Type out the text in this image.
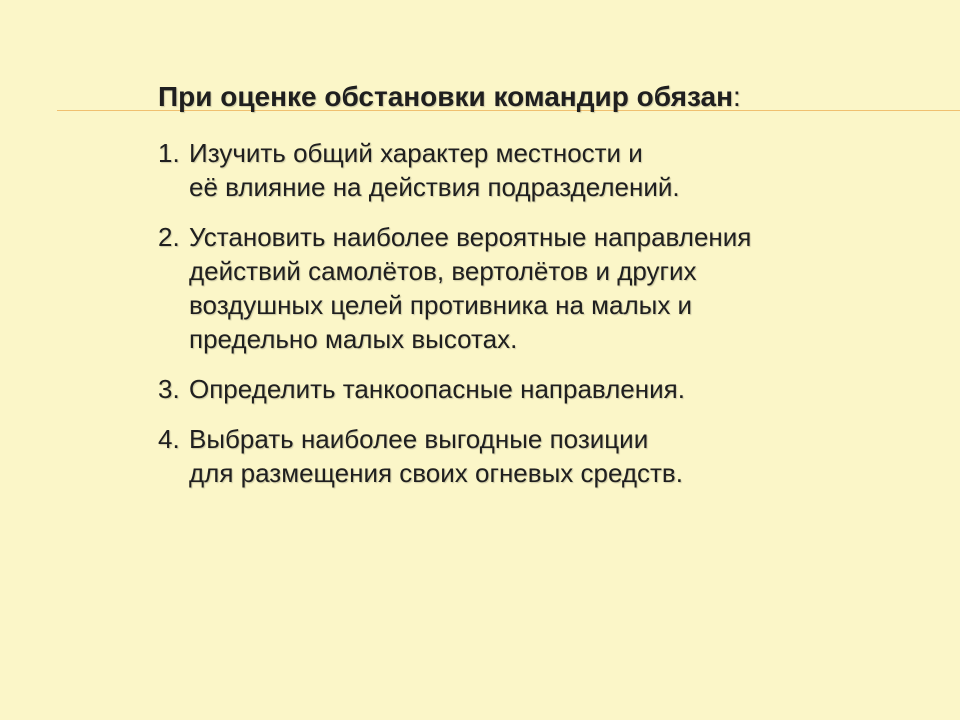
При оценке обстановки командир обязан:
1. Изучить общий характер местности и
её влияние на действия подразделений.
2. Установить наиболее вероятные направления
действий самолётов, вертолётов и других
воздушных целей противника на малых и
предельно малых высотах.
3. Определить танкоопасные направления.
4. Выбрать наиболее выгодные позиции
для размещения своих огневых средств.
